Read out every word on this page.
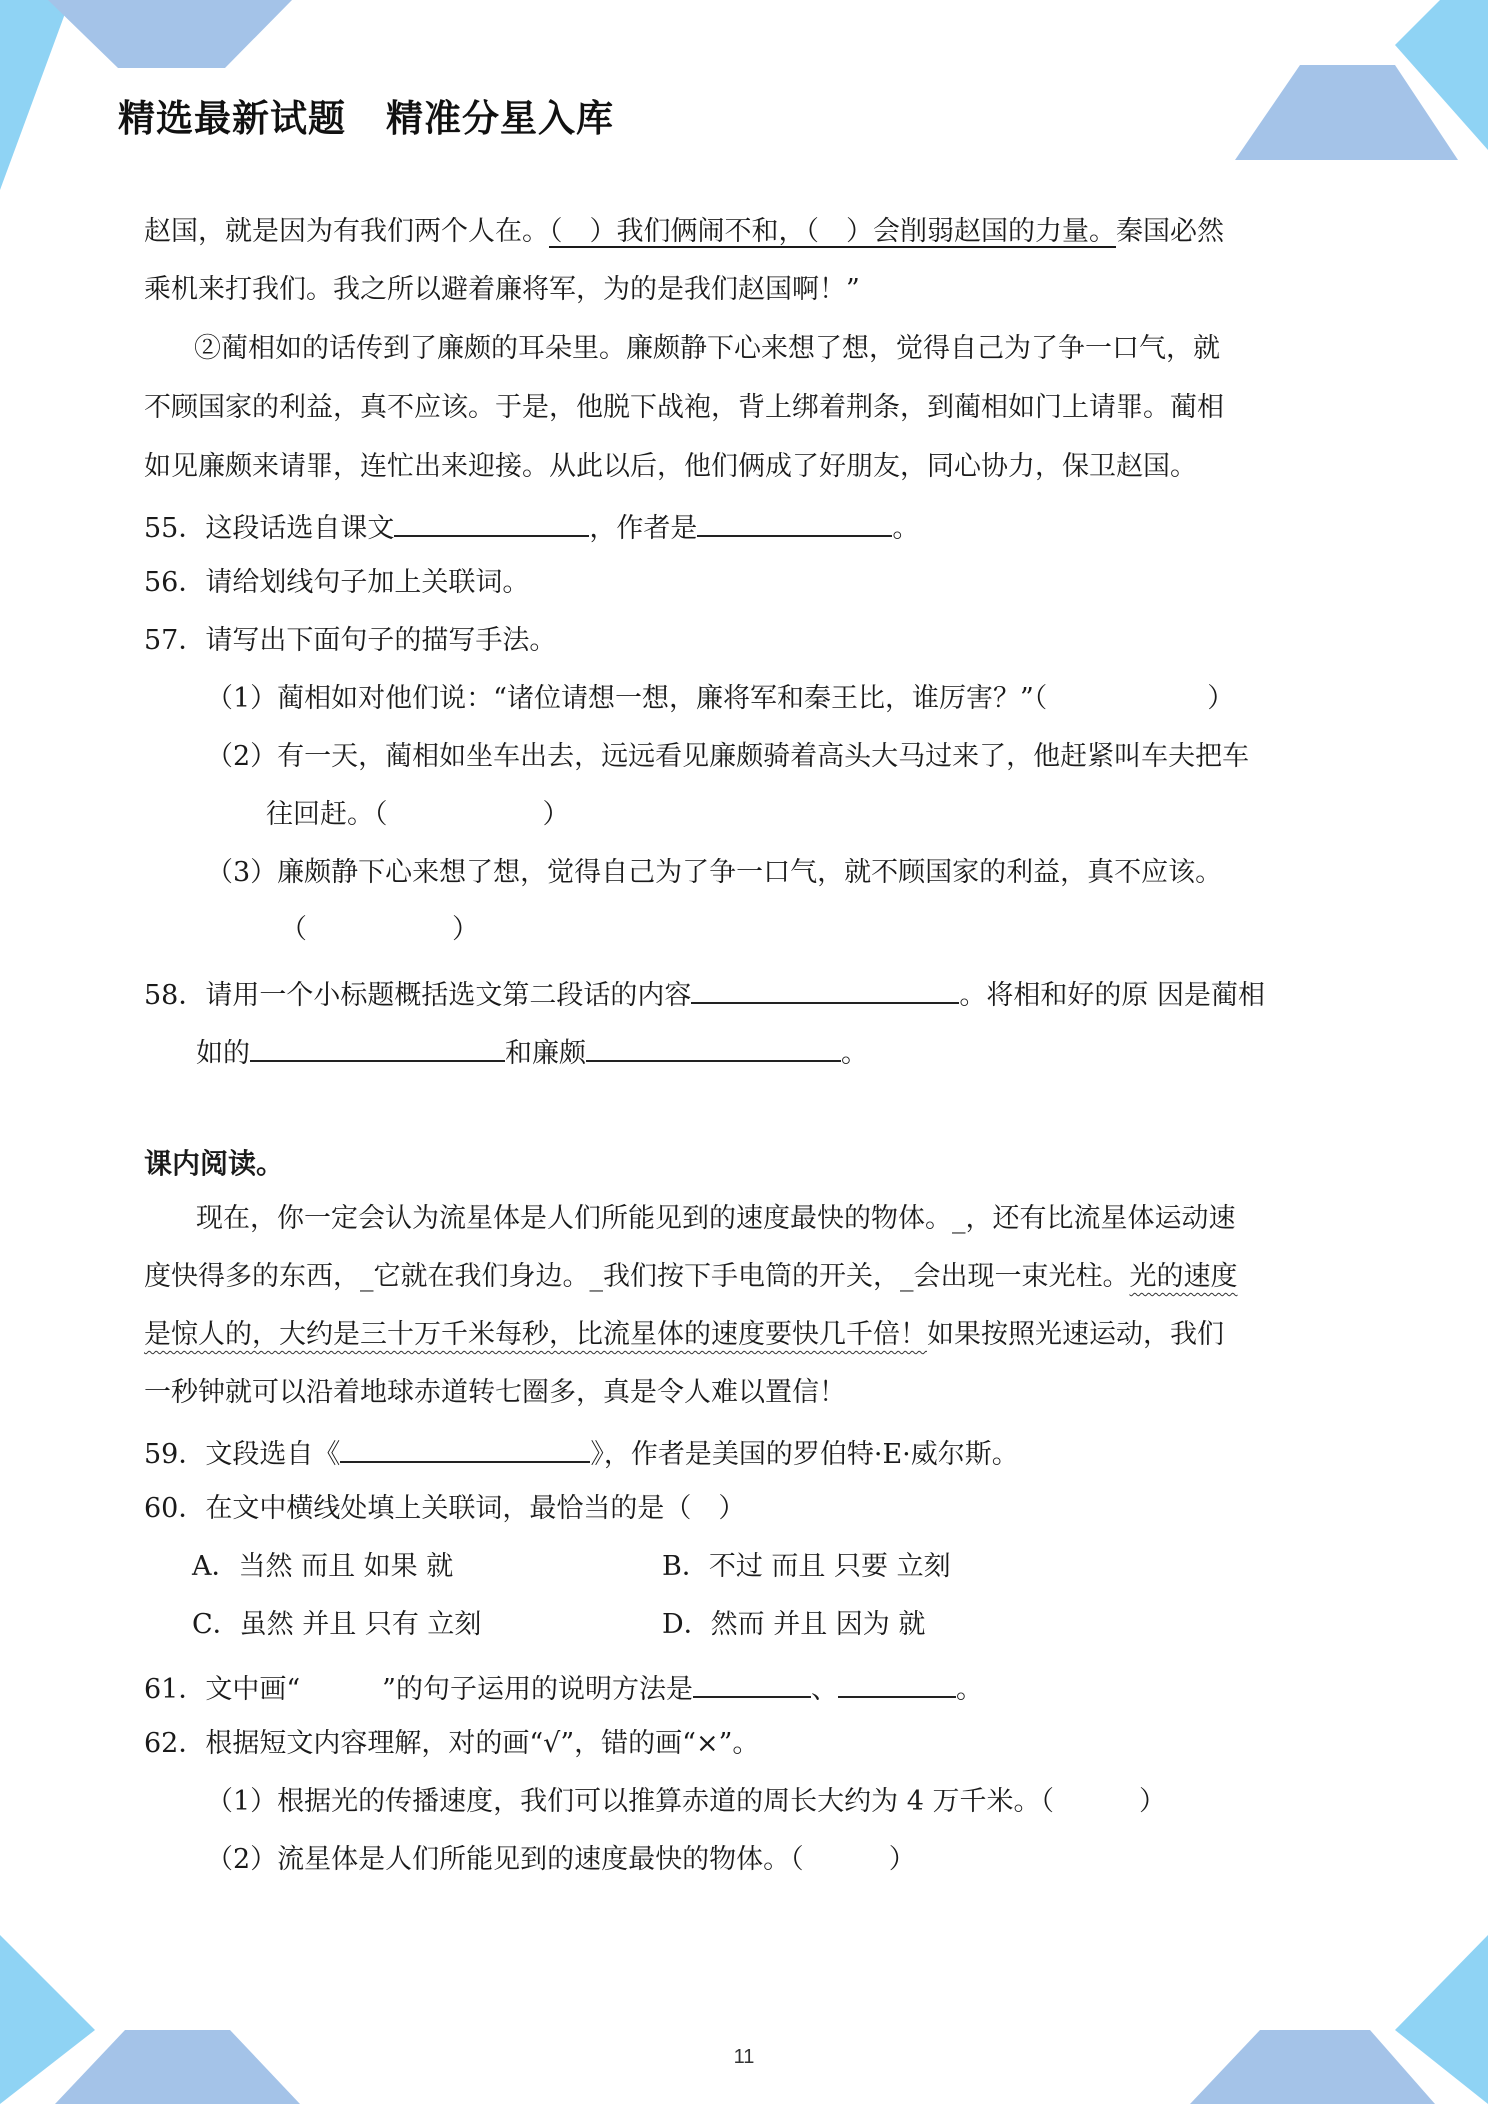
精选最新试题 精准分星入库
赵国，就是因为有我们两个人在。（　）我们俩闹不和，（　）会削弱赵国的力量。秦国必然
乘机来打我们。我之所以避着廉将军，为的是我们赵国啊！”
②蔺相如的话传到了廉颇的耳朵里。廉颇静下心来想了想，觉得自己为了争一口气，就
不顾国家的利益，真不应该。于是，他脱下战袍，背上绑着荆条，到蔺相如门上请罪。蔺相
如见廉颇来请罪，连忙出来迎接。从此以后，他们俩成了好朋友，同心协力，保卫赵国。
55．这段话选自课文	，作者是	。
56．请给划线句子加上关联词。
57．请写出下面句子的描写手法。
（1）蔺相如对他们说：“诸位请想一想，廉将军和秦王比，谁厉害？”（	）
（2）有一天，蔺相如坐车出去，远远看见廉颇骑着高头大马过来了，他赶紧叫车夫把车
往回赶。（	）
（3）廉颇静下心来想了想，觉得自己为了争一口气，就不顾国家的利益，真不应该。
（	）
58．请用一个小标题概括选文第二段话的内容	。将相和好的原 因是蔺相
如的	和廉颇	。
课内阅读。
现在，你一定会认为流星体是人们所能见到的速度最快的物体。_，还有比流星体运动速
度快得多的东西，_它就在我们身边。_我们按下手电筒的开关，_会出现一束光柱。光的速度
是惊人的，大约是三十万千米每秒，比流星体的速度要快几千倍！如果按照光速运动，我们
一秒钟就可以沿着地球赤道转七圈多，真是令人难以置信！
59．文段选自《	》，作者是美国的罗伯特·E·威尔斯。
60．在文中横线处填上关联词，最恰当的是（　）
A．当然 而且 如果 就	B．不过 而且 只要 立刻
C．虽然 并且 只有 立刻	D．然而 并且 因为 就
61．文中画“	”的句子运用的说明方法是	、	。
62．根据短文内容理解，对的画“√”，错的画“×”。
（1）根据光的传播速度，我们可以推算赤道的周长大约为 4 万千米。（	）
（2）流星体是人们所能见到的速度最快的物体。（	）
11
